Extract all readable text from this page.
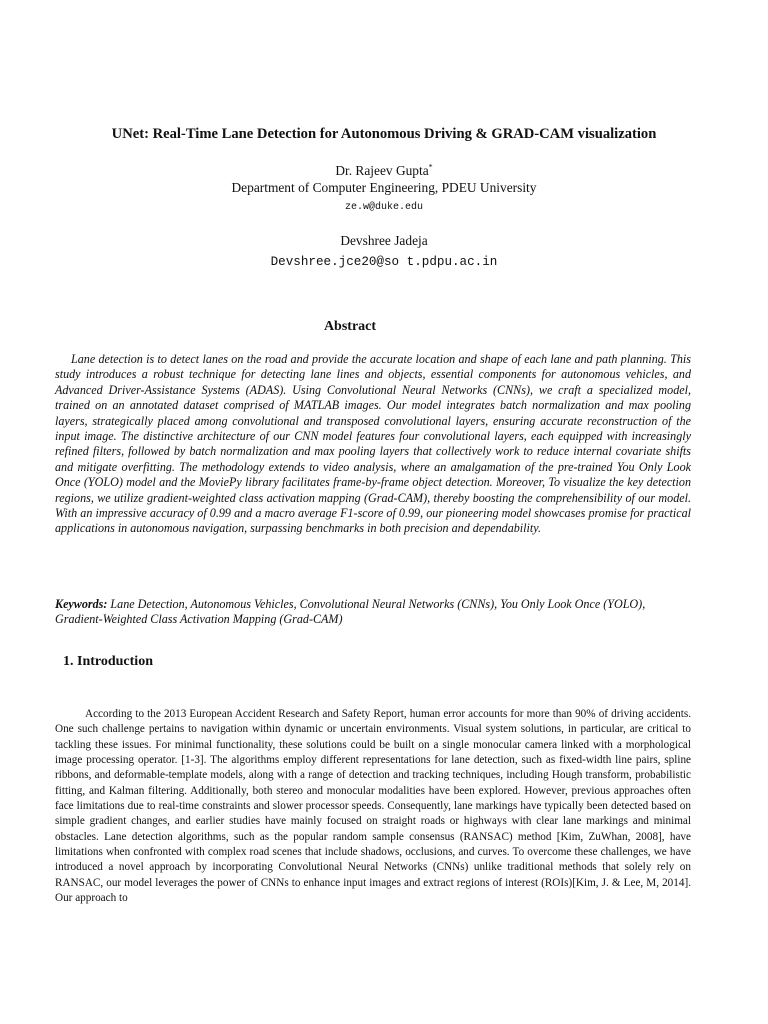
UNet: Real-Time Lane Detection for Autonomous Driving & GRAD-CAM visualization
Dr. Rajeev Gupta*
Department of Computer Engineering, PDEU University
ze.w@duke.edu
Devshree Jadeja
Devshree.jce20@so t.pdpu.ac.in
Abstract

Lane detection is to detect lanes on the road and provide the accurate location and shape of each lane and path planning. This study introduces a robust technique for detecting lane lines and objects, essential components for autonomous vehicles, and Advanced Driver-Assistance Systems (ADAS). Using Convolutional Neural Networks (CNNs), we craft a specialized model, trained on an annotated dataset comprised of MATLAB images. Our model integrates batch normalization and max pooling layers, strategically placed among convolutional and transposed convolutional layers, ensuring accurate reconstruction of the input image. The distinctive architecture of our CNN model features four convolutional layers, each equipped with increasingly refined filters, followed by batch normalization and max pooling layers that collectively work to reduce internal covariate shifts and mitigate overfitting. The methodology extends to video analysis, where an amalgamation of the pre-trained You Only Look Once (YOLO) model and the MoviePy library facilitates frame-by-frame object detection. Moreover, To visualize the key detection regions, we utilize gradient-weighted class activation mapping (Grad-CAM), thereby boosting the comprehensibility of our model. With an impressive accuracy of 0.99 and a macro average F1-score of 0.99, our pioneering model showcases promise for practical applications in autonomous navigation, surpassing benchmarks in both precision and dependability.

Keywords: Lane Detection, Autonomous Vehicles, Convolutional Neural Networks (CNNs), You Only Look Once (YOLO), Gradient-Weighted Class Activation Mapping (Grad-CAM)

1. Introduction

According to the 2013 European Accident Research and Safety Report, human error accounts for more than 90% of driving accidents. One such challenge pertains to navigation within dynamic or uncertain environments. Visual system solutions, in particular, are critical to tackling these issues. For minimal functionality, these solutions could be built on a single monocular camera linked with a morphological image processing operator. [1-3]. The algorithms employ different representations for lane detection, such as fixed-width line pairs, spline ribbons, and deformable-template models, along with a range of detection and tracking techniques, including Hough transform, probabilistic fitting, and Kalman filtering. Additionally, both stereo and monocular modalities have been explored. However, previous approaches often face limitations due to real-time constraints and slower processor speeds. Consequently, lane markings have typically been detected based on simple gradient changes, and earlier studies have mainly focused on straight roads or highways with clear lane markings and minimal obstacles. Lane detection algorithms, such as the popular random sample consensus (RANSAC) method [Kim, ZuWhan, 2008], have limitations when confronted with complex road scenes that include shadows, occlusions, and curves. To overcome these challenges, we have introduced a novel approach by incorporating Convolutional Neural Networks (CNNs) unlike traditional methods that solely rely on RANSAC, our model leverages the power of CNNs to enhance input images and extract regions of interest (ROIs)[Kim, J. & Lee, M, 2014]. Our approach to
